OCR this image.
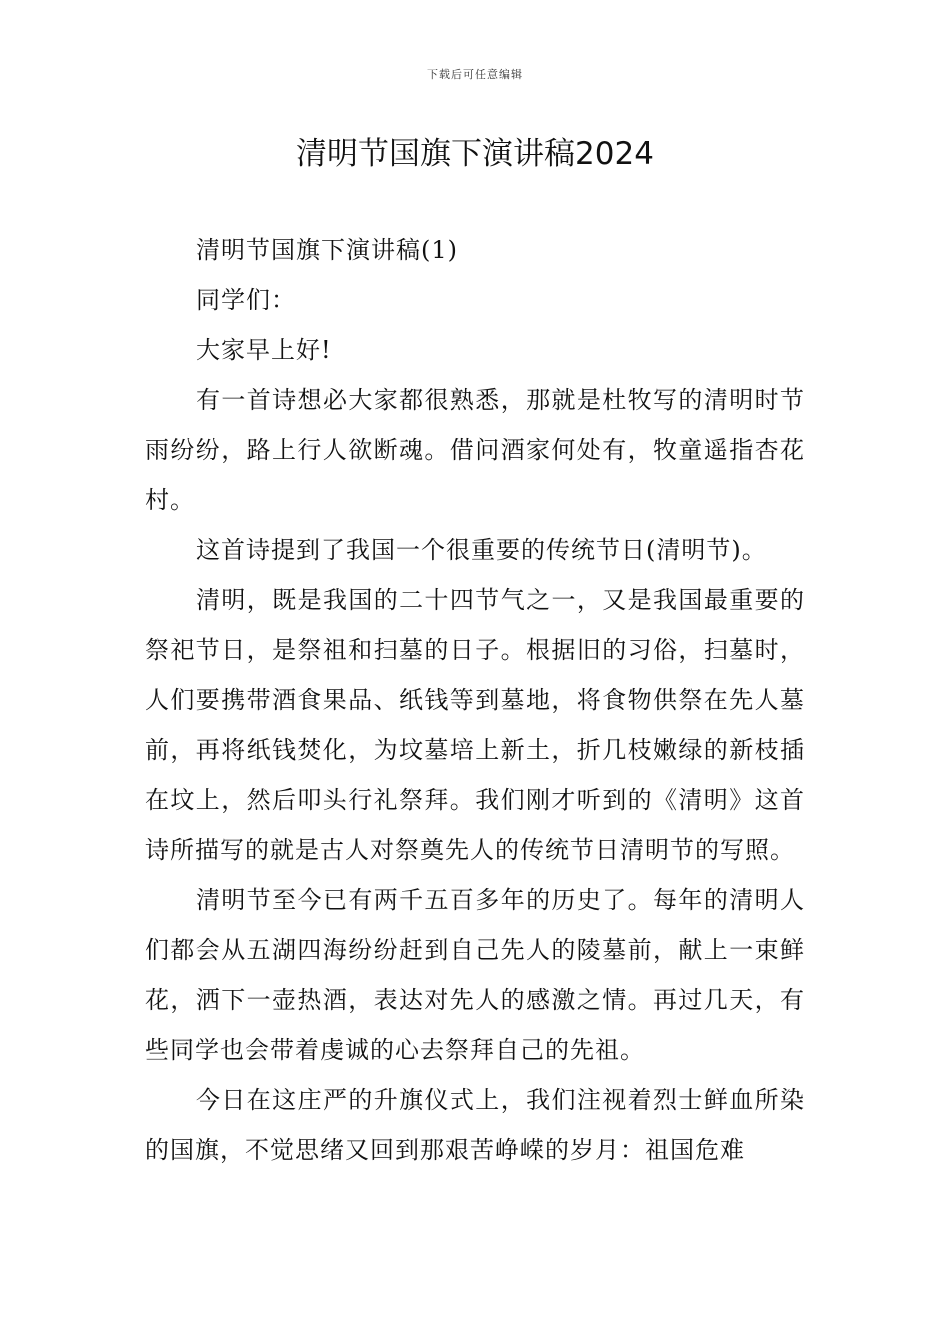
下载后可任意编辑
清明节国旗下演讲稿2024

清明节国旗下演讲稿(1)

同学们：

大家早上好!

有一首诗想必大家都很熟悉，那就是杜牧写的清明时节雨纷纷，路上行人欲断魂。借问酒家何处有，牧童遥指杏花村。

这首诗提到了我国一个很重要的传统节日(清明节)。

清明，既是我国的二十四节气之一，又是我国最重要的祭祀节日，是祭祖和扫墓的日子。根据旧的习俗，扫墓时，人们要携带酒食果品、纸钱等到墓地，将食物供祭在先人墓前，再将纸钱焚化，为坟墓培上新土，折几枝嫩绿的新枝插在坟上，然后叩头行礼祭拜。我们刚才听到的《清明》这首诗所描写的就是古人对祭奠先人的传统节日清明节的写照。

清明节至今已有两千五百多年的历史了。每年的清明人们都会从五湖四海纷纷赶到自己先人的陵墓前，献上一束鲜花，洒下一壶热酒，表达对先人的感激之情。再过几天，有些同学也会带着虔诚的心去祭拜自己的先祖。

今日在这庄严的升旗仪式上，我们注视着烈士鲜血所染的国旗，不觉思绪又回到那艰苦峥嵘的岁月：祖国危难
